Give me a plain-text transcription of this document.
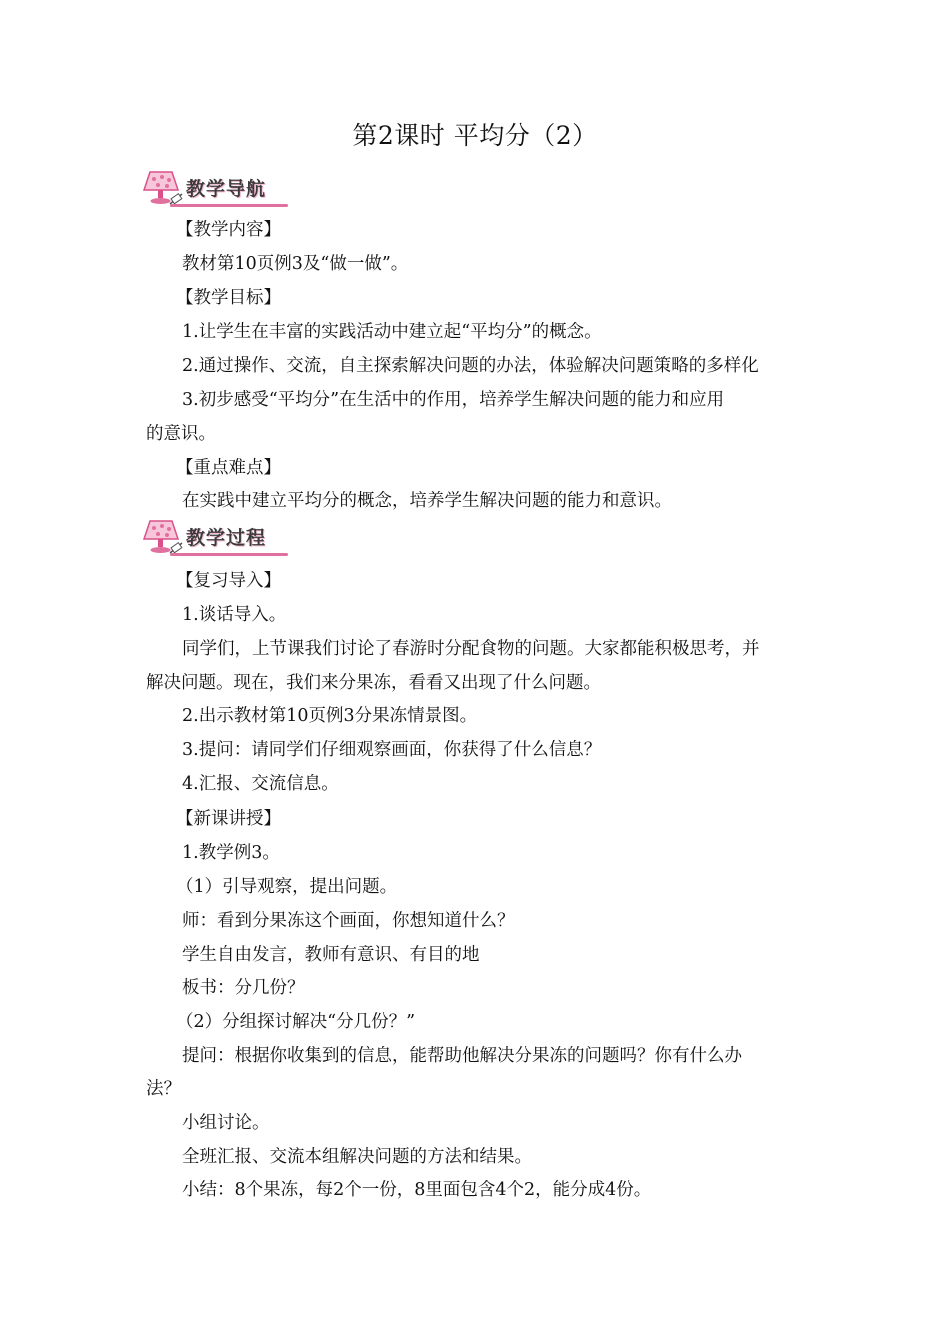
第2课时 平均分（2）
教学导航
【教学内容】
教材第10页例3及“做一做”。
【教学目标】
1.让学生在丰富的实践活动中建立起“平均分”的概念。
2.通过操作、交流，自主探索解决问题的办法，体验解决问题策略的多样化
3.初步感受“平均分”在生活中的作用，培养学生解决问题的能力和应用
的意识。
【重点难点】
在实践中建立平均分的概念，培养学生解决问题的能力和意识。
教学过程
【复习导入】
1.谈话导入。
同学们，上节课我们讨论了春游时分配食物的问题。大家都能积极思考，并
解决问题。现在，我们来分果冻，看看又出现了什么问题。
2.出示教材第10页例3分果冻情景图。
3.提问：请同学们仔细观察画面，你获得了什么信息？
4.汇报、交流信息。
【新课讲授】
1.教学例3。
（1）引导观察，提出问题。
师：看到分果冻这个画面，你想知道什么？
学生自由发言，教师有意识、有目的地
板书：分几份？
（2）分组探讨解决“分几份？”
提问：根据你收集到的信息，能帮助他解决分果冻的问题吗？你有什么办
法？
小组讨论。
全班汇报、交流本组解决问题的方法和结果。
小结：8个果冻，每2个一份，8里面包含4个2，能分成4份。
